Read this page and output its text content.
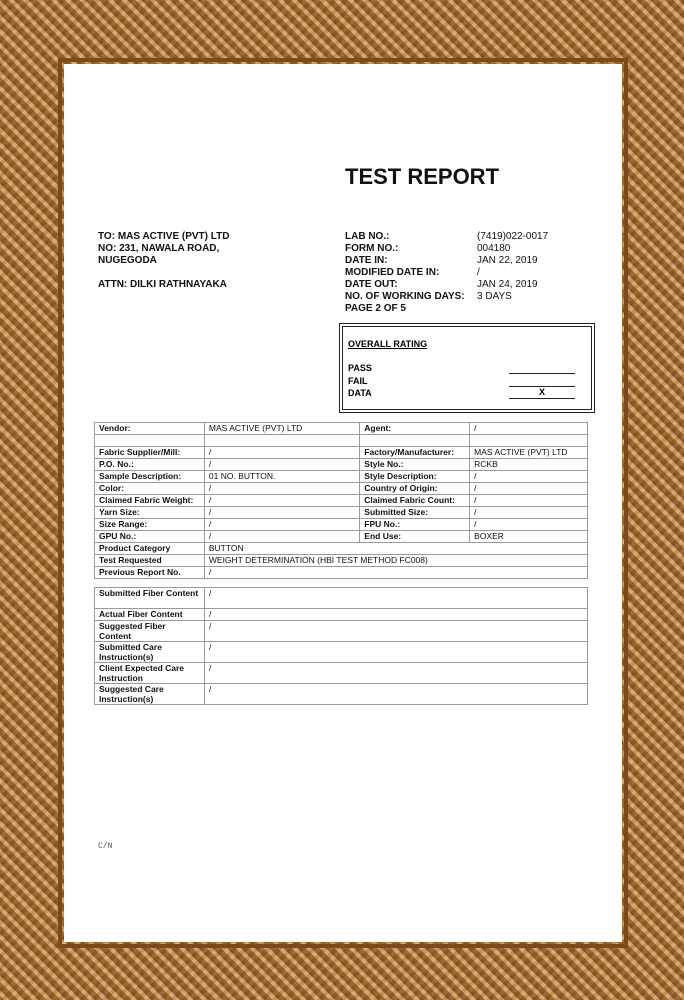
TEST REPORT
TO: MAS ACTIVE (PVT) LTD
NO: 231, NAWALA ROAD,
NUGEGODA
ATTN: DILKI RATHNAYAKA
LAB NO.:	(7419)022-0017
FORM NO.:	004180
DATE IN:	JAN 22, 2019
MODIFIED DATE IN:	/
DATE OUT:	JAN 24, 2019
NO. OF WORKING DAYS:	3 DAYS
PAGE 2 OF 5
OVERALL RATING
PASS
FAIL
DATA	X
Vendor:	MAS ACTIVE (PVT) LTD	Agent:	/

Fabric Supplier/Mill:	/	Factory/Manufacturer:	MAS ACTIVE (PVT) LTD
P.O. No.:	/	Style No.:	RCKB
Sample Description:	01 NO. BUTTON.	Style Description:	/
Color:	/	Country of Origin:	/
Claimed Fabric Weight:	/	Claimed Fabric Count:	/
Yarn Size:	/	Submitted Size:	/
Size Range:	/	FPU No.:	/
GPU No.:	/	End Use:	BOXER
Product Category	BUTTON
Test Requested	WEIGHT DETERMINATION (HBI TEST METHOD FC008)
Previous Report No.	/
Submitted Fiber Content	/
Actual Fiber Content	/
Suggested Fiber Content	/
Submitted Care Instruction(s)	/
Client Expected Care Instruction	/
Suggested Care Instruction(s)	/
C/N
